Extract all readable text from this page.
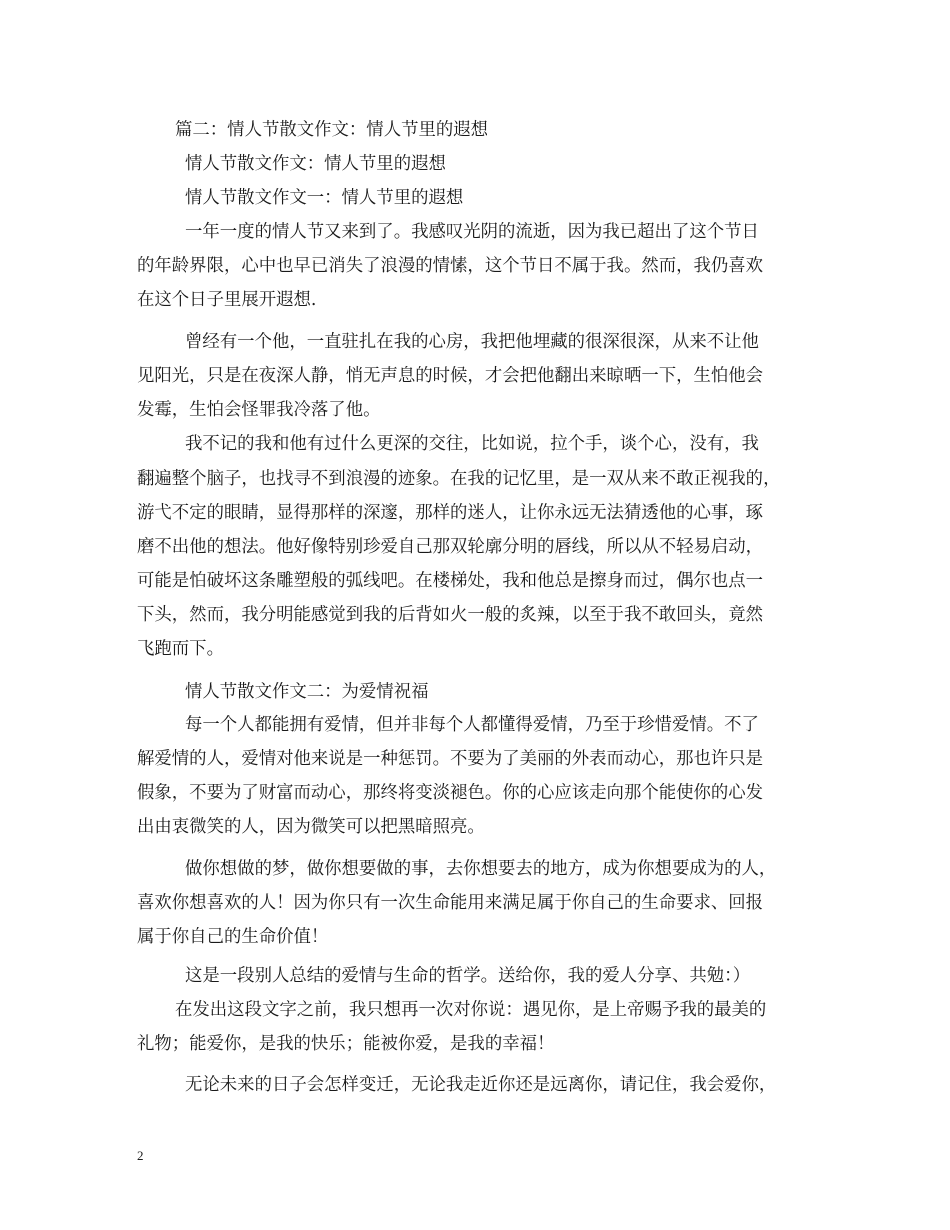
篇二：情人节散文作文：情人节里的遐想
情人节散文作文：情人节里的遐想
情人节散文作文一：情人节里的遐想
一年一度的情人节又来到了。我感叹光阴的流逝，因为我已超出了这个节日
的年龄界限，心中也早已消失了浪漫的情愫，这个节日不属于我。然而，我仍喜欢
在这个日子里展开遐想.
曾经有一个他，一直驻扎在我的心房，我把他埋藏的很深很深，从来不让他
见阳光，只是在夜深人静，悄无声息的时候，才会把他翻出来晾晒一下，生怕他会
发霉，生怕会怪罪我冷落了他。
我不记的我和他有过什么更深的交往，比如说，拉个手，谈个心，没有，我
翻遍整个脑子，也找寻不到浪漫的迹象。在我的记忆里，是一双从来不敢正视我的，
游弋不定的眼睛，显得那样的深邃，那样的迷人，让你永远无法猜透他的心事，琢
磨不出他的想法。他好像特别珍爱自己那双轮廓分明的唇线，所以从不轻易启动，
可能是怕破坏这条雕塑般的弧线吧。在楼梯处，我和他总是擦身而过，偶尔也点一
下头，然而，我分明能感觉到我的后背如火一般的炙辣，以至于我不敢回头，竟然
飞跑而下。
情人节散文作文二：为爱情祝福
每一个人都能拥有爱情，但并非每个人都懂得爱情，乃至于珍惜爱情。不了
解爱情的人，爱情对他来说是一种惩罚。不要为了美丽的外表而动心，那也许只是
假象，不要为了财富而动心，那终将变淡褪色。你的心应该走向那个能使你的心发
出由衷微笑的人，因为微笑可以把黑暗照亮。
做你想做的梦，做你想要做的事，去你想要去的地方，成为你想要成为的人，
喜欢你想喜欢的人！因为你只有一次生命能用来满足属于你自己的生命要求、回报
属于你自己的生命价值！
这是一段别人总结的爱情与生命的哲学。送给你，我的爱人分享、共勉：）
在发出这段文字之前，我只想再一次对你说：遇见你，是上帝赐予我的最美的
礼物；能爱你，是我的快乐；能被你爱，是我的幸福！
无论未来的日子会怎样变迁，无论我走近你还是远离你，请记住，我会爱你，
2
